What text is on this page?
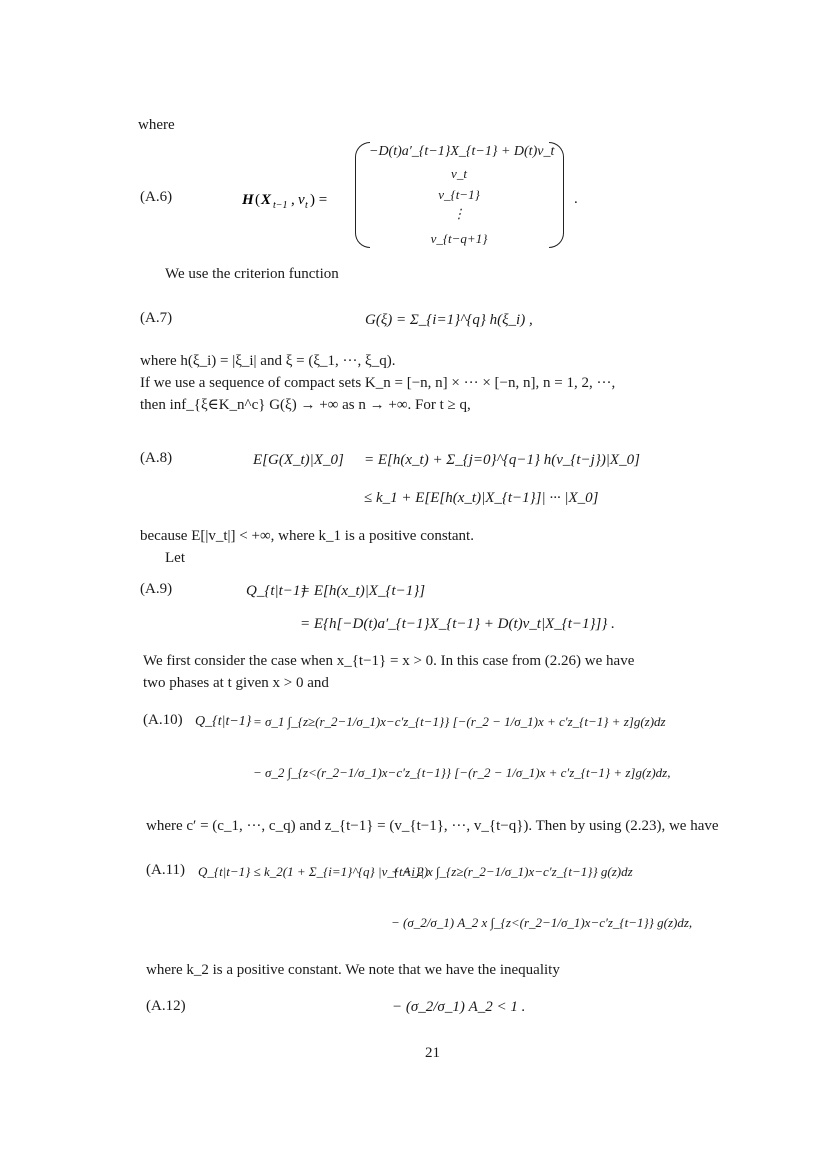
where
(A.6)	H ( X t−1 , v t ) =
−D(t)a′_{t−1}X_{t−1} + D(t)v_t
v_t
v_{t−1}
⋮
v_{t−q+1}
.
We use the criterion function
(A.7)	G(ξ) = Σ_{i=1}^{q} h(ξ_i) ,
where h(ξ_i) = |ξ_i| and ξ = (ξ_1, ···, ξ_q).
If we use a sequence of compact sets K_n = [−n, n] × ··· × [−n, n], n = 1, 2, ···,
then inf_{ξ∈K_n^c} G(ξ) → +∞ as n → +∞. For t ≥ q,
(A.8)	E[G(X_t)|X_0] = E[h(x_t) + Σ_{j=0}^{q−1} h(v_{t−j})|X_0]
≤ k_1 + E[E[h(x_t)|X_{t−1}]| ··· |X_0]
because E[|v_t|] < +∞, where k_1 is a positive constant.
Let
(A.9)	Q_{t|t−1}
= E[h(x_t)|X_{t−1}]
= E{h[−D(t)a′_{t−1}X_{t−1} + D(t)v_t|X_{t−1}]} .
We first consider the case when x_{t−1} = x > 0. In this case from (2.26) we have
two phases at t given x > 0 and
(A.10) Q_{t|t−1} = σ_1 ∫_{z≥(r_2−1/σ_1)x−c′z_{t−1}} [−(r_2 − 1/σ_1)x + c′z_{t−1} + z]g(z)dz
− σ_2 ∫_{z<(r_2−1/σ_1)x−c′z_{t−1}} [−(r_2 − 1/σ_1)x + c′z_{t−1} + z]g(z)dz,
where c′ = (c_1, ···, c_q) and z_{t−1} = (v_{t−1}, ···, v_{t−q}). Then by using (2.23), we have
(A.11) Q_{t|t−1} ≤ k_2(1 + Σ_{i=1}^{q} |v_{t−i}|)
+ A_2 x ∫_{z≥(r_2−1/σ_1)x−c′z_{t−1}} g(z)dz
− (σ_2/σ_1) A_2 x ∫_{z<(r_2−1/σ_1)x−c′z_{t−1}} g(z)dz,
where k_2 is a positive constant. We note that we have the inequality
(A.12)	− (σ_2/σ_1) A_2 < 1 .
21
